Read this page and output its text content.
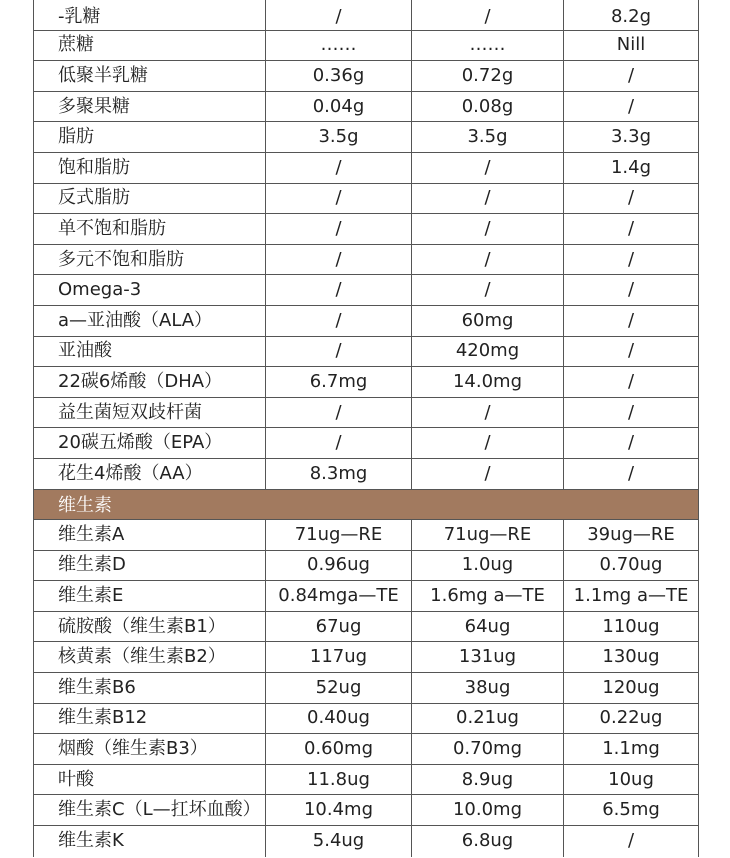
-乳糖	/	/	8.2g
蔗糖	……	……	Nill
低聚半乳糖	0.36g	0.72g	/
多聚果糖	0.04g	0.08g	/
脂肪	3.5g	3.5g	3.3g
饱和脂肪	/	/	1.4g
反式脂肪	/	/	/
单不饱和脂肪	/	/	/
多元不饱和脂肪	/	/	/
Omega-3	/	/	/
a—亚油酸（ALA）	/	60mg	/
亚油酸	/	420mg	/
22碳6烯酸（DHA）	6.7mg	14.0mg	/
益生菌短双歧杆菌	/	/	/
20碳五烯酸（EPA）	/	/	/
花生4烯酸（AA）	8.3mg	/	/
维生素
维生素A	71ug—RE	71ug—RE	39ug—RE
维生素D	0.96ug	1.0ug	0.70ug
维生素E	0.84mga—TE	1.6mg a—TE	1.1mg a—TE
硫胺酸（维生素B1）	67ug	64ug	110ug
核黄素（维生素B2）	117ug	131ug	130ug
维生素B6	52ug	38ug	120ug
维生素B12	0.40ug	0.21ug	0.22ug
烟酸（维生素B3）	0.60mg	0.70mg	1.1mg
叶酸	11.8ug	8.9ug	10ug
维生素C（L—扛坏血酸）	10.4mg	10.0mg	6.5mg
维生素K	5.4ug	6.8ug	/
